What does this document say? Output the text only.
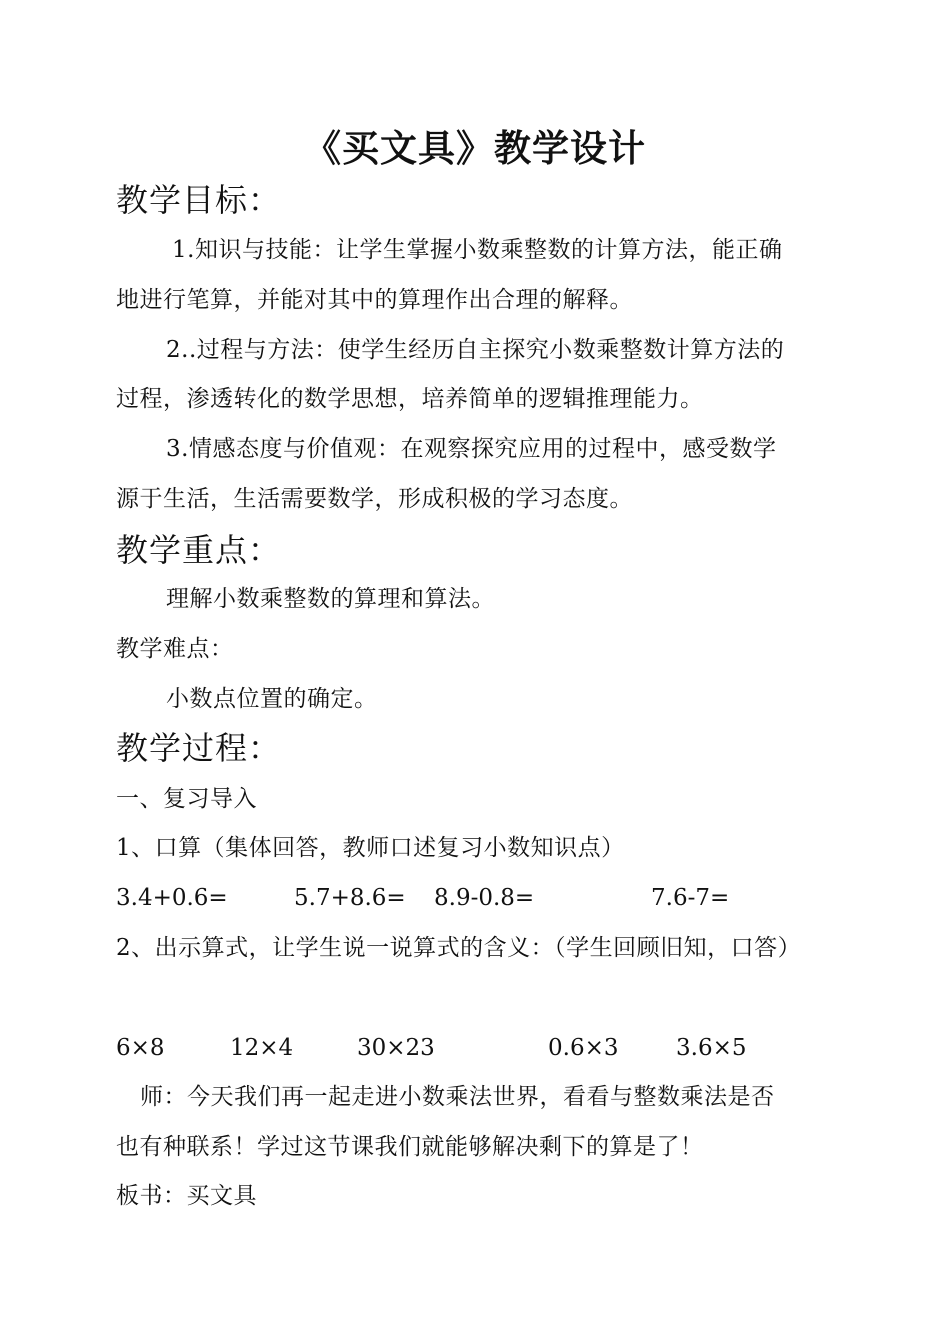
《买文具》教学设计
教学目标：
1.知识与技能：让学生掌握小数乘整数的计算方法，能正确
地进行笔算，并能对其中的算理作出合理的解释。
2..过程与方法：使学生经历自主探究小数乘整数计算方法的
过程，渗透转化的数学思想，培养简单的逻辑推理能力。
3.情感态度与价值观：在观察探究应用的过程中，感受数学
源于生活，生活需要数学，形成积极的学习态度。
教学重点：
理解小数乘整数的算理和算法。
教学难点：
小数点位置的确定。
教学过程：
一、复习导入
1、口算（集体回答，教师口述复习小数知识点）
3.4+0.6=	5.7+8.6= 8.9-0.8=	7.6-7=
2、出示算式，让学生说一说算式的含义：（学生回顾旧知，口答）
6×8	12×4	30×23	0.6×3	3.6×5
师：今天我们再一起走进小数乘法世界，看看与整数乘法是否
也有种联系！学过这节课我们就能够解决剩下的算是了！
板书：买文具
